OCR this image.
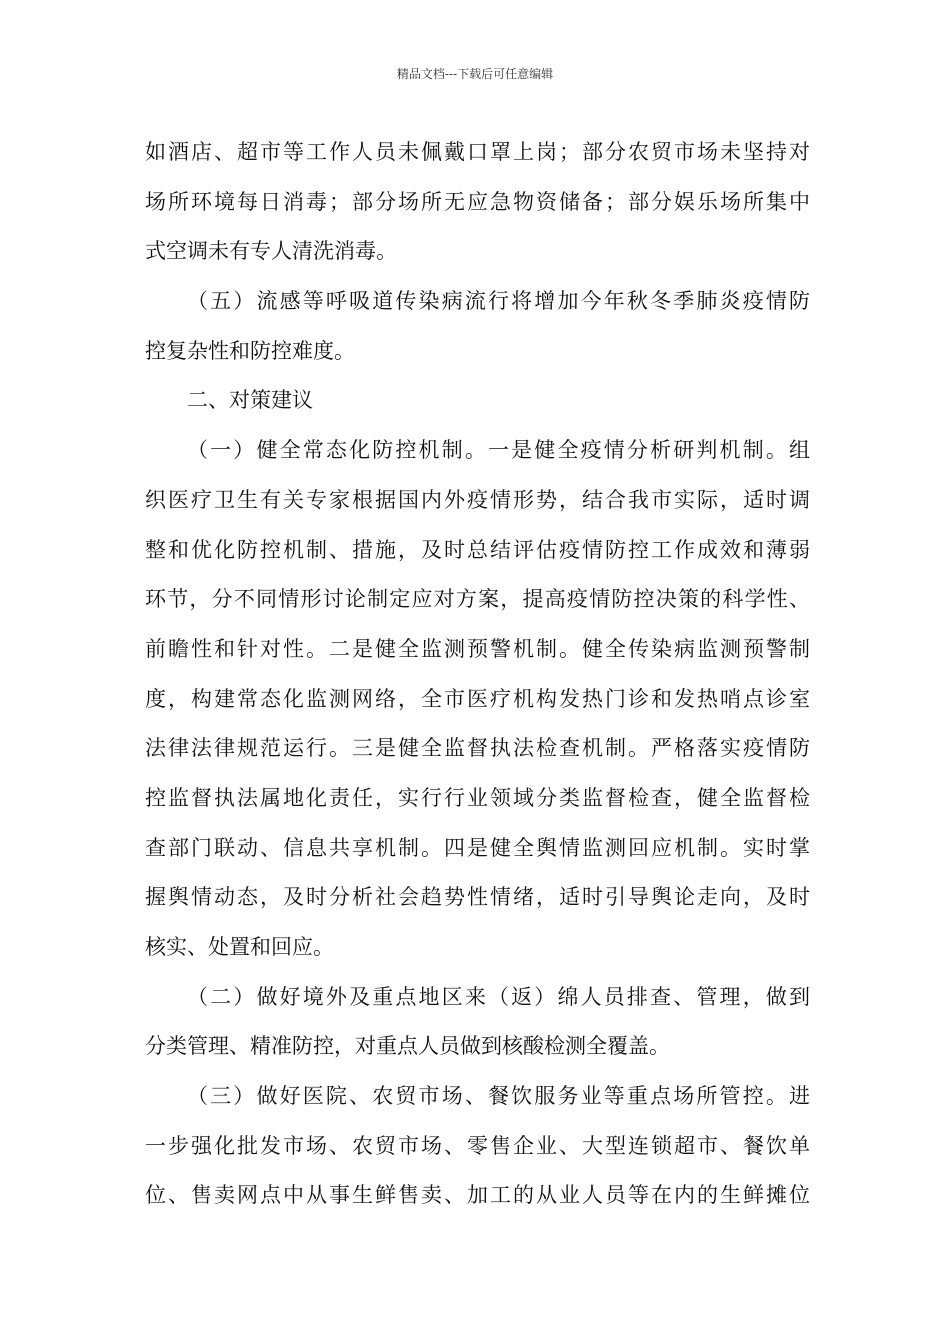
精品文档---下载后可任意编辑
如酒店、超市等工作人员未佩戴口罩上岗；部分农贸市场未坚持对
场所环境每日消毒；部分场所无应急物资储备；部分娱乐场所集中
式空调未有专人清洗消毒。
（五）流感等呼吸道传染病流行将增加今年秋冬季肺炎疫情防
控复杂性和防控难度。
二、对策建议
（一）健全常态化防控机制。一是健全疫情分析研判机制。组
织医疗卫生有关专家根据国内外疫情形势，结合我市实际，适时调
整和优化防控机制、措施，及时总结评估疫情防控工作成效和薄弱
环节，分不同情形讨论制定应对方案，提高疫情防控决策的科学性、
前瞻性和针对性。二是健全监测预警机制。健全传染病监测预警制
度，构建常态化监测网络，全市医疗机构发热门诊和发热哨点诊室
法律法律规范运行。三是健全监督执法检查机制。严格落实疫情防
控监督执法属地化责任，实行行业领域分类监督检查，健全监督检
查部门联动、信息共享机制。四是健全舆情监测回应机制。实时掌
握舆情动态，及时分析社会趋势性情绪，适时引导舆论走向，及时
核实、处置和回应。
（二）做好境外及重点地区来（返）绵人员排查、管理，做到
分类管理、精准防控，对重点人员做到核酸检测全覆盖。
（三）做好医院、农贸市场、餐饮服务业等重点场所管控。进
一步强化批发市场、农贸市场、零售企业、大型连锁超市、餐饮单
位、售卖网点中从事生鲜售卖、加工的从业人员等在内的生鲜摊位
